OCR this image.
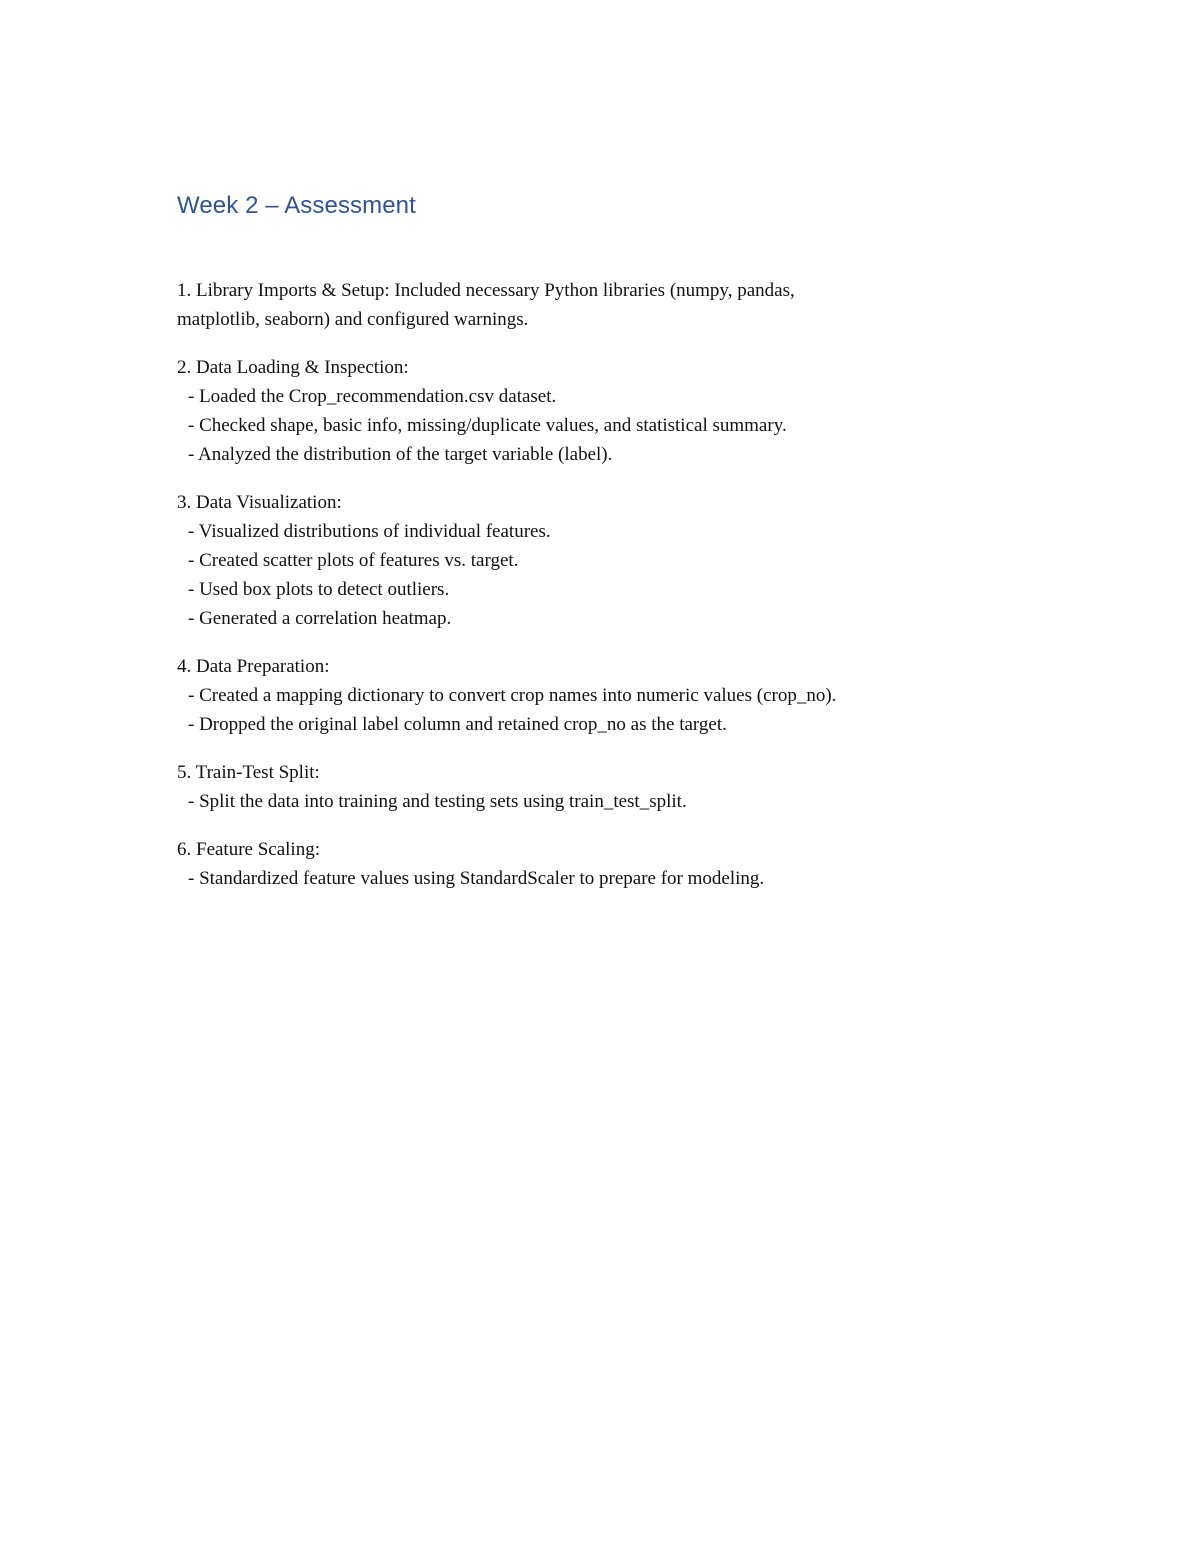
Week 2 – Assessment

1. Library Imports & Setup: Included necessary Python libraries (numpy, pandas,

matplotlib, seaborn) and configured warnings.

2. Data Loading & Inspection:

- Loaded the Crop_recommendation.csv dataset.
- Checked shape, basic info, missing/duplicate values, and statistical summary.
- Analyzed the distribution of the target variable (label).

3. Data Visualization:

- Visualized distributions of individual features.
- Created scatter plots of features vs. target.
- Used box plots to detect outliers.
- Generated a correlation heatmap.

4. Data Preparation:

- Created a mapping dictionary to convert crop names into numeric values (crop_no).
- Dropped the original label column and retained crop_no as the target.

5. Train-Test Split:

- Split the data into training and testing sets using train_test_split.

6. Feature Scaling:

- Standardized feature values using StandardScaler to prepare for modeling.
